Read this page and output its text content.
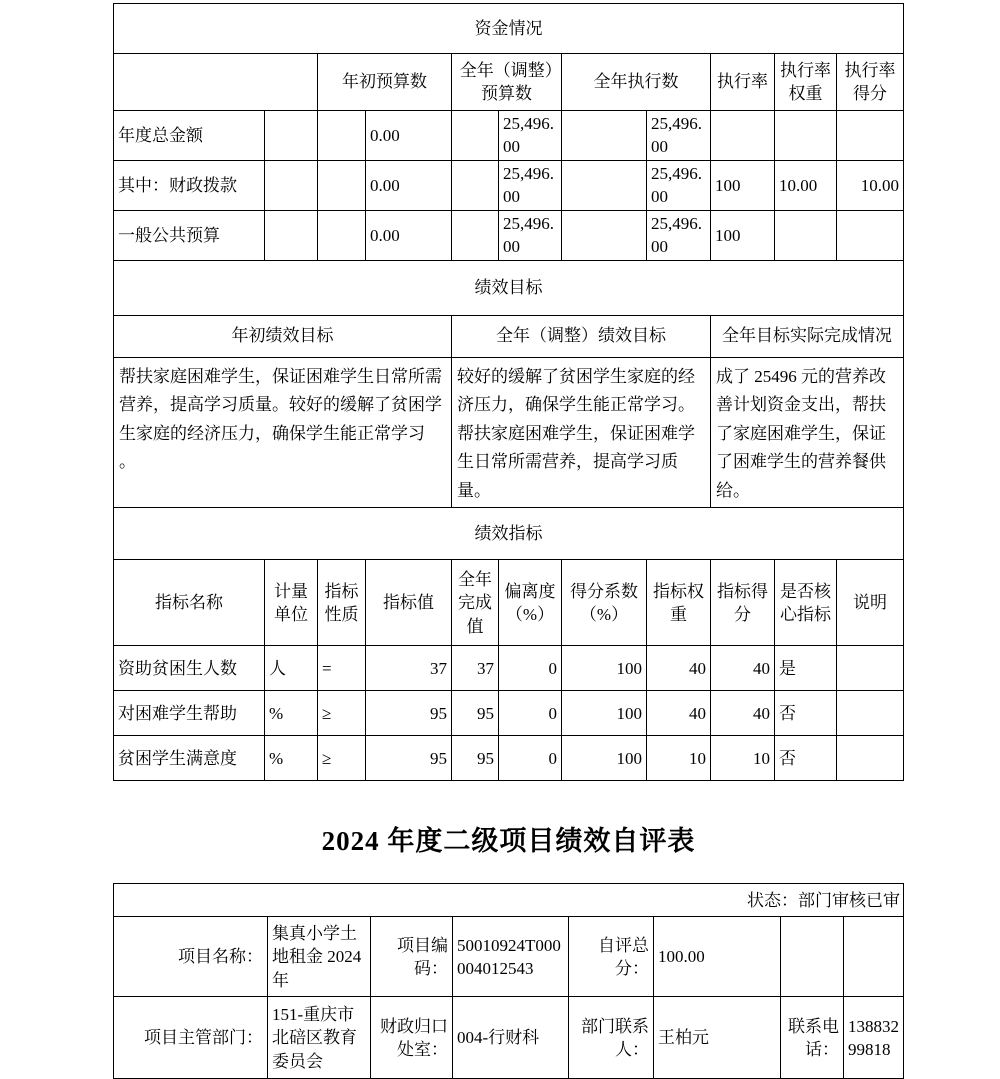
资金情况										
		年初预算数		全年（调整）预算数		全年执行数		执行率	执行率权重	执行率得分
年度总金额			0.00		25,496.00		25,496.00			
其中：财政拨款			0.00		25,496.00		25,496.00	100	10.00	10.00
一般公共预算			0.00		25,496.00		25,496.00	100		
绩效目标										
年初绩效目标				全年（调整）绩效目标				全年目标实际完成情况		
帮扶家庭困难学生，保证困难学生日常所需营养，提高学习质量。较好的缓解了贫困学生家庭的经济压力，确保学生能正常学习 。				较好的缓解了贫困学生家庭的经济压力，确保学生能正常学习。帮扶家庭困难学生，保证困难学生日常所需营养，提高学习质量。				成了 25496 元的营养改善计划资金支出，帮扶了家庭困难学生，保证了困难学生的营养餐供给。		
绩效指标										
指标名称	计量单位	指标性质	指标值	全年完成值	偏离度（%）	得分系数（%）	指标权重	指标得分	是否核心指标	说明
资助贫困生人数	人	=	37	37	0	100	40	40	是	
对困难学生帮助	%	≥	95	95	0	100	40	40	否	
贫困学生满意度	%	≥	95	95	0	100	10	10	否	
2024 年度二级项目绩效自评表
状态：部门审核已审							
项目名称：	集真小学土地租金 2024 年	项目编码：	50010924T000004012543	自评总分：	100.00		
项目主管部门：	151-重庆市北碚区教育委员会	财政归口处室：	004-行财科	部门联系人：	王柏元	联系电话：	13883299818
